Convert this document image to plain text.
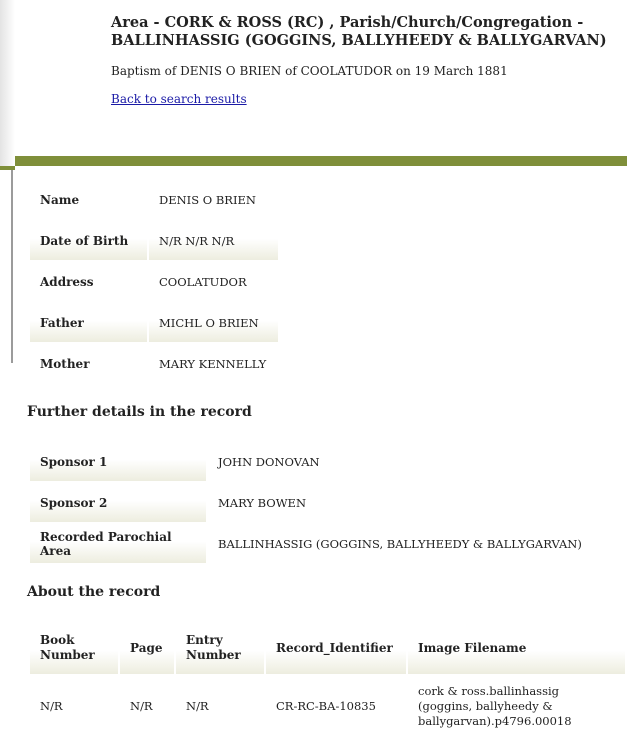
Area - CORK & ROSS (RC) , Parish/Church/Congregation - BALLINHASSIG (GOGGINS, BALLYHEEDY & BALLYGARVAN)
Baptism of DENIS O BRIEN of COOLATUDOR on 19 March 1881
Back to search results
Name	DENIS O BRIEN
Date of Birth	N/R N/R N/R
Address	COOLATUDOR
Father	MICHL O BRIEN
Mother	MARY KENNELLY
Further details in the record
Sponsor 1	JOHN DONOVAN
Sponsor 2	MARY BOWEN
Recorded Parochial Area	BALLINHASSIG (GOGGINS, BALLYHEEDY & BALLYGARVAN)
About the record
Book Number	Page	Entry Number	Record_Identifier	Image Filename
N/R	N/R	N/R	CR-RC-BA-10835	cork & ross.ballinhassig (goggins, ballyheedy & ballygarvan).p4796.00018
